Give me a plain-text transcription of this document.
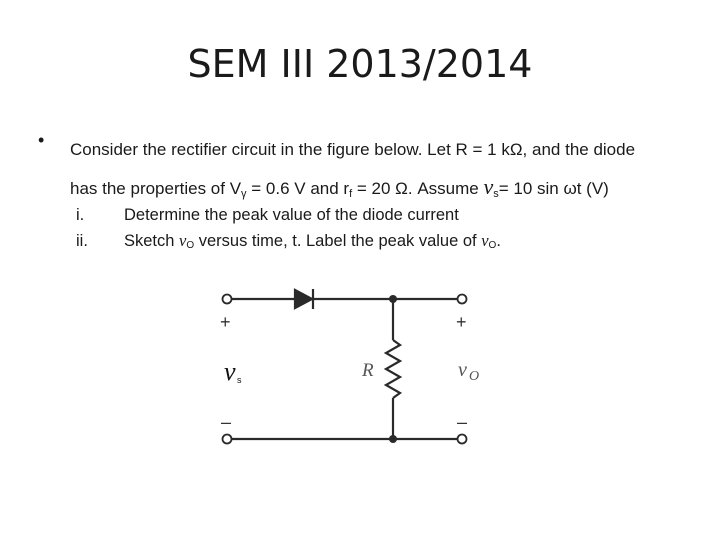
SEM III 2013/2014
• Consider the rectifier circuit in the figure below. Let R = 1 kΩ, and the diode
has the properties of $V_\gamma = 0.6$ V and $r_f = 20$ Ω. Assume $v_s= 10$ sin ωt (V)
i.	Determine the peak value of the diode current
ii.	Sketch vO versus time, t. Label the peak value of vO.
+
–
+
–
v s	R	v O
